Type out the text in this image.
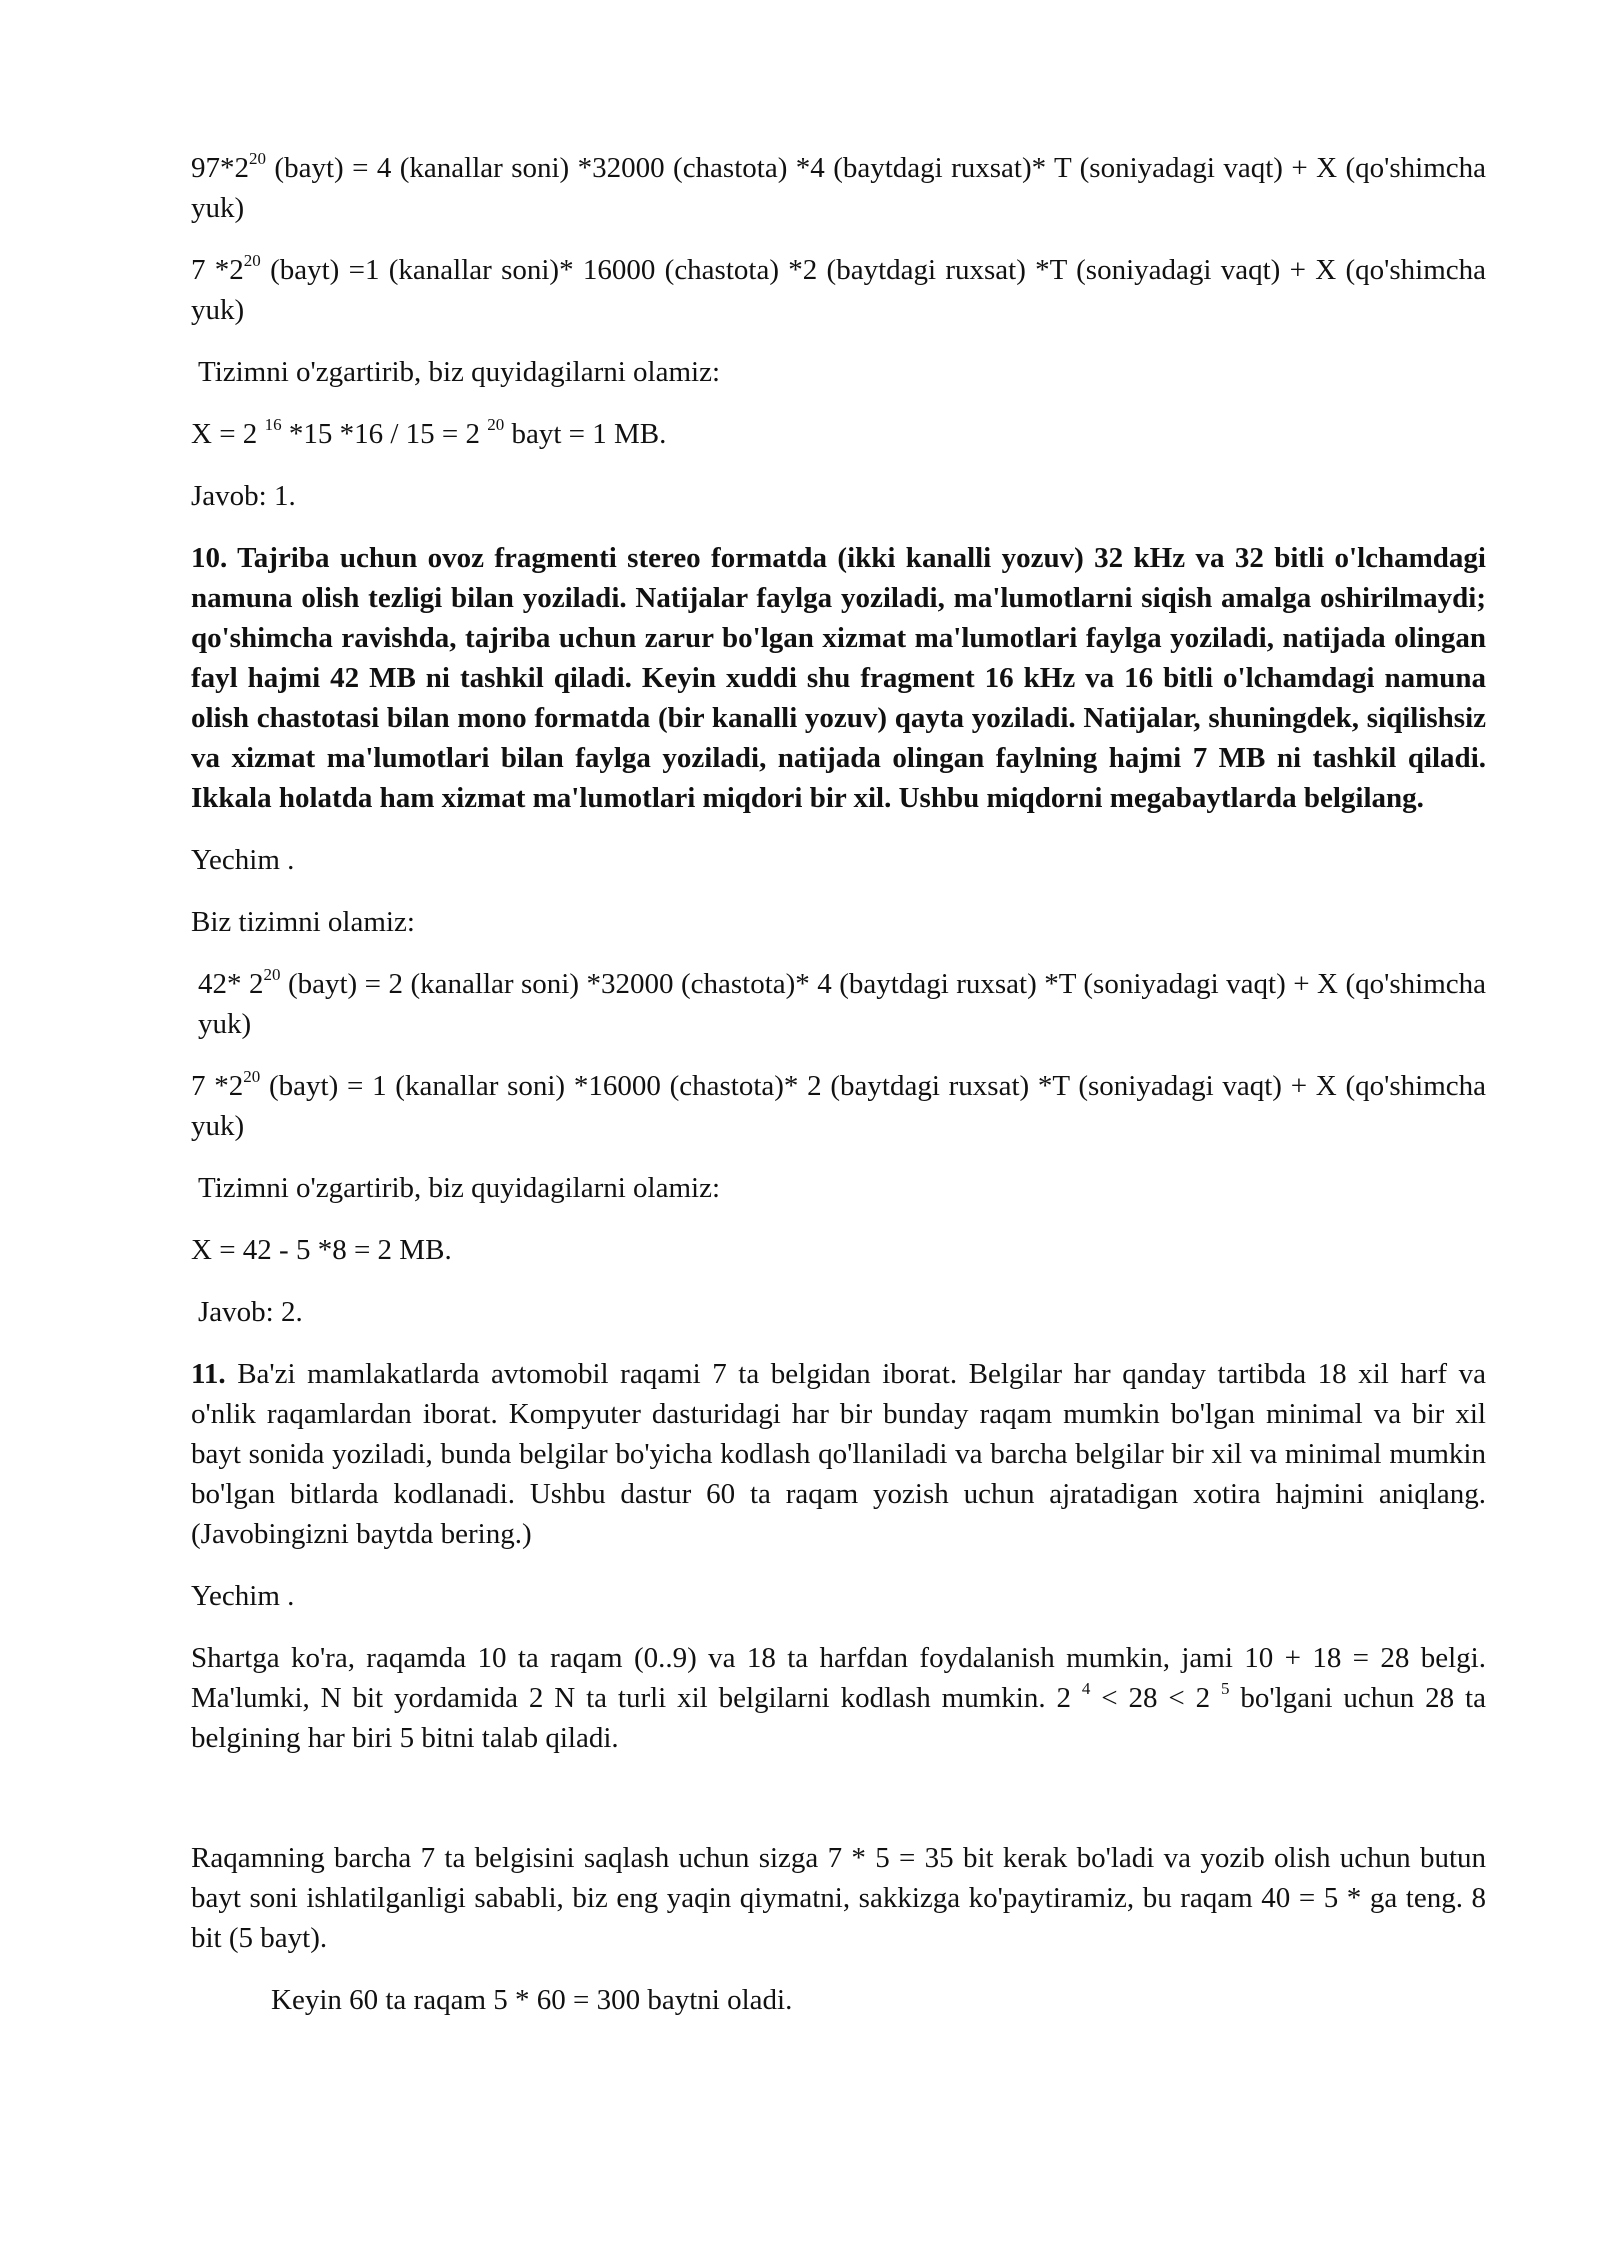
$97*2^{20}$ (bayt) = 4 (kanallar soni) *32000 (chastota) *4 (baytdagi ruxsat)* T (soniyadagi vaqt) + X (qo'shimcha yuk)

7 $*2^{20}$ (bayt) =1 (kanallar soni)* 16000 (chastota) *2 (baytdagi ruxsat) *T (soniyadagi vaqt) + X (qo'shimcha yuk)

Tizimni o'zgartirib, biz quyidagilarni olamiz:

X = 2 $^{16}$ *15 *16 / 15 = 2 $^{20}$ bayt = 1 MB.

Javob: 1.

10. Tajriba uchun ovoz fragmenti stereo formatda (ikki kanalli yozuv) 32 kHz va 32 bitli o'lchamdagi namuna olish tezligi bilan yoziladi. Natijalar faylga yoziladi, ma'lumotlarni siqish amalga oshirilmaydi; qo'shimcha ravishda, tajriba uchun zarur bo'lgan xizmat ma'lumotlari faylga yoziladi, natijada olingan fayl hajmi 42 MB ni tashkil qiladi. Keyin xuddi shu fragment 16 kHz va 16 bitli o'lchamdagi namuna olish chastotasi bilan mono formatda (bir kanalli yozuv) qayta yoziladi. Natijalar, shuningdek, siqilishsiz va xizmat ma'lumotlari bilan faylga yoziladi, natijada olingan faylning hajmi 7 MB ni tashkil qiladi. Ikkala holatda ham xizmat ma'lumotlari miqdori bir xil. Ushbu miqdorni megabaytlarda belgilang.

Yechim .

Biz tizimni olamiz:

42* $2^{20}$ (bayt) = 2 (kanallar soni) *32000 (chastota)* 4 (baytdagi ruxsat) *T (soniyadagi vaqt) + X (qo'shimcha yuk)

7 $*2^{20}$ (bayt) = 1 (kanallar soni) *16000 (chastota)* 2 (baytdagi ruxsat) *T (soniyadagi vaqt) + X (qo'shimcha yuk)

Tizimni o'zgartirib, biz quyidagilarni olamiz:

X = 42 - 5 *8 = 2 MB.

Javob: 2.

11. Ba'zi mamlakatlarda avtomobil raqami 7 ta belgidan iborat. Belgilar har qanday tartibda 18 xil harf va o'nlik raqamlardan iborat. Kompyuter dasturidagi har bir bunday raqam mumkin bo'lgan minimal va bir xil bayt sonida yoziladi, bunda belgilar bo'yicha kodlash qo'llaniladi va barcha belgilar bir xil va minimal mumkin bo'lgan bitlarda kodlanadi. Ushbu dastur 60 ta raqam yozish uchun ajratadigan xotira hajmini aniqlang. (Javobingizni baytda bering.)

Yechim .

Shartga ko'ra, raqamda 10 ta raqam (0..9) va 18 ta harfdan foydalanish mumkin, jami 10 + 18 = 28 belgi. Ma'lumki, N bit yordamida 2 N ta turli xil belgilarni kodlash mumkin. 2 $^4$ < 28 < 2 $^5$ bo'lgani uchun 28 ta belgining har biri 5 bitni talab qiladi.

Raqamning barcha 7 ta belgisini saqlash uchun sizga 7 * 5 = 35 bit kerak bo'ladi va yozib olish uchun butun bayt soni ishlatilganligi sababli, biz eng yaqin qiymatni, sakkizga ko'paytiramiz, bu raqam 40 = 5 * ga teng. 8 bit (5 bayt).

Keyin 60 ta raqam 5 * 60 = 300 baytni oladi.
